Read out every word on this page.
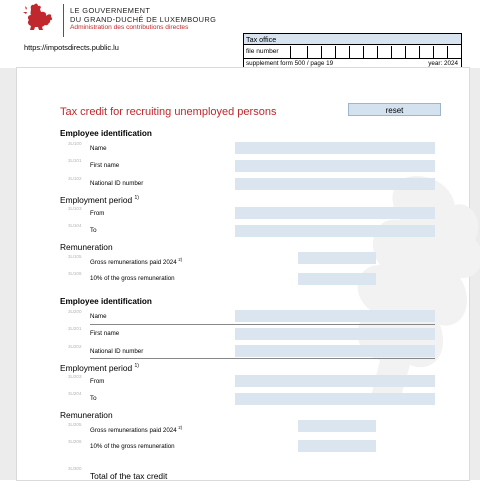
LE GOUVERNEMENT
DU GRAND-DUCHÉ DE LUXEMBOURG
Administration des contributions directes
https://impotsdirects.public.lu
Tax office
file number
supplement form 500 / page 19	year: 2024
Tax credit for recruiting unemployed persons	reset
Employee identification
3U100
Name
3U101
First name
3U102
National ID number
Employment period $^{1)}$
3U103
From
3U104
To
Remuneration
3U105
Gross remunerations paid 2024 $^{2)}$
3U106
10% of the gross remuneration
Employee identification
3U200
Name
3U201
First name
3U202
National ID number
Employment period $^{1)}$
3U203
From
3U204
To
Remuneration
3U205
Gross remunerations paid 2024 $^{2)}$
3U206
10% of the gross remuneration
3U300
Total of the tax credit
